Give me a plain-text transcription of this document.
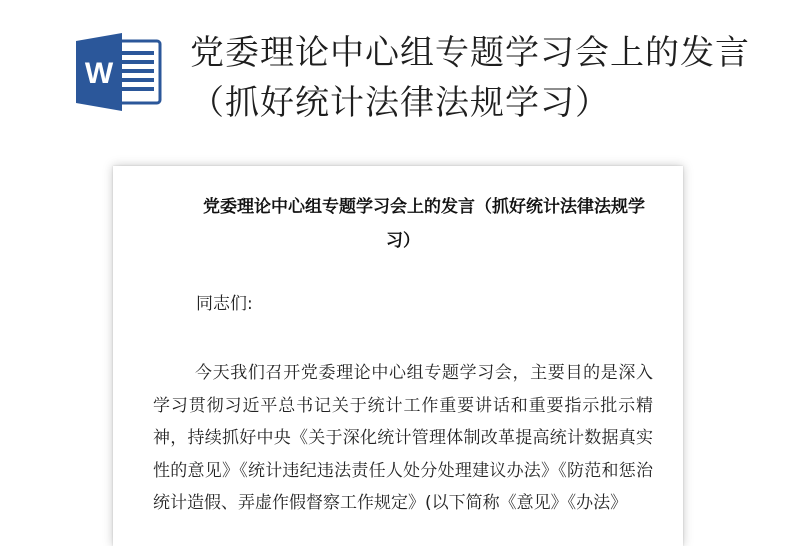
W
党委理论中心组专题学习会上的发言（抓好统计法律法规学习）
党委理论中心组专题学习会上的发言（抓好统计法律法规学习）
同志们:
今天我们召开党委理论中心组专题学习会，主要目的是深入学习贯彻习近平总书记关于统计工作重要讲话和重要指示批示精神，持续抓好中央《关于深化统计管理体制改革提高统计数据真实性的意见》《统计违纪违法责任人处分处理建议办法》《防范和惩治统计造假、弄虚作假督察工作规定》(以下简称《意见》《办法》
